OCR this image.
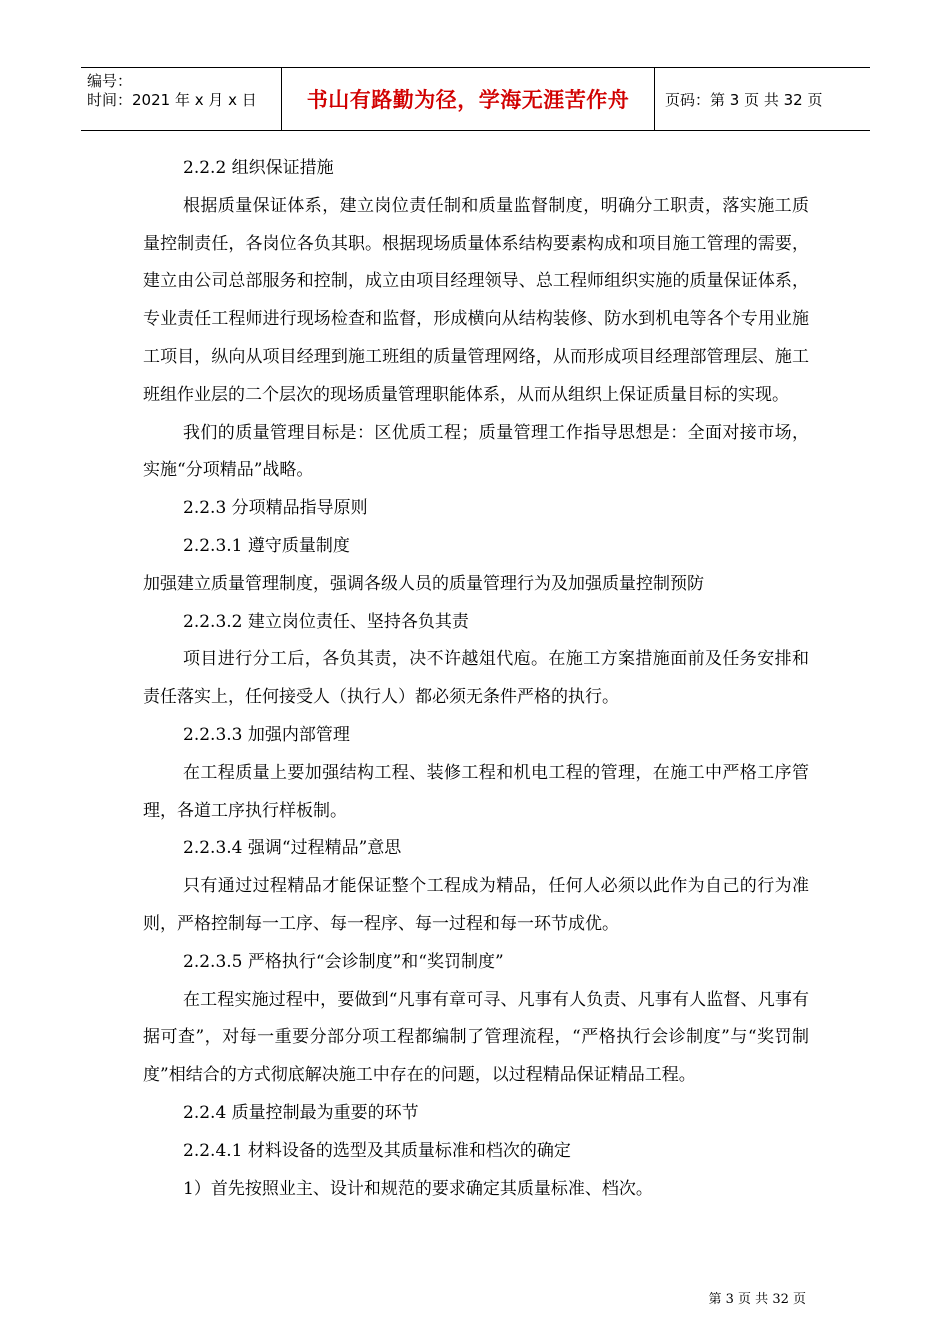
编号：
时间：2021 年 x 月 x 日	书山有路勤为径，学海无涯苦作舟	页码：第 3 页 共 32 页

2.2.2 组织保证措施

根据质量保证体系，建立岗位责任制和质量监督制度，明确分工职责，落实施工质量控制责任，各岗位各负其职。根据现场质量体系结构要素构成和项目施工管理的需要，建立由公司总部服务和控制，成立由项目经理领导、总工程师组织实施的质量保证体系，专业责任工程师进行现场检查和监督，形成横向从结构装修、防水到机电等各个专用业施工项目，纵向从项目经理到施工班组的质量管理网络，从而形成项目经理部管理层、施工班组作业层的二个层次的现场质量管理职能体系，从而从组织上保证质量目标的实现。

我们的质量管理目标是：区优质工程；质量管理工作指导思想是：全面对接市场，实施“分项精品”战略。

2.2.3 分项精品指导原则

2.2.3.1 遵守质量制度

加强建立质量管理制度，强调各级人员的质量管理行为及加强质量控制预防

2.2.3.2 建立岗位责任、坚持各负其责

项目进行分工后，各负其责，决不许越俎代庖。在施工方案措施面前及任务安排和责任落实上，任何接受人（执行人）都必须无条件严格的执行。

2.2.3.3 加强内部管理

在工程质量上要加强结构工程、装修工程和机电工程的管理，在施工中严格工序管理，各道工序执行样板制。

2.2.3.4 强调“过程精品”意思

只有通过过程精品才能保证整个工程成为精品，任何人必须以此作为自己的行为准则，严格控制每一工序、每一程序、每一过程和每一环节成优。

2.2.3.5 严格执行“会诊制度”和“奖罚制度”

在工程实施过程中，要做到“凡事有章可寻、凡事有人负责、凡事有人监督、凡事有据可查”，对每一重要分部分项工程都编制了管理流程，“严格执行会诊制度”与“奖罚制度”相结合的方式彻底解决施工中存在的问题，以过程精品保证精品工程。

2.2.4 质量控制最为重要的环节

2.2.4.1 材料设备的选型及其质量标准和档次的确定

1）首先按照业主、设计和规范的要求确定其质量标准、档次。

第 3 页 共 32 页
